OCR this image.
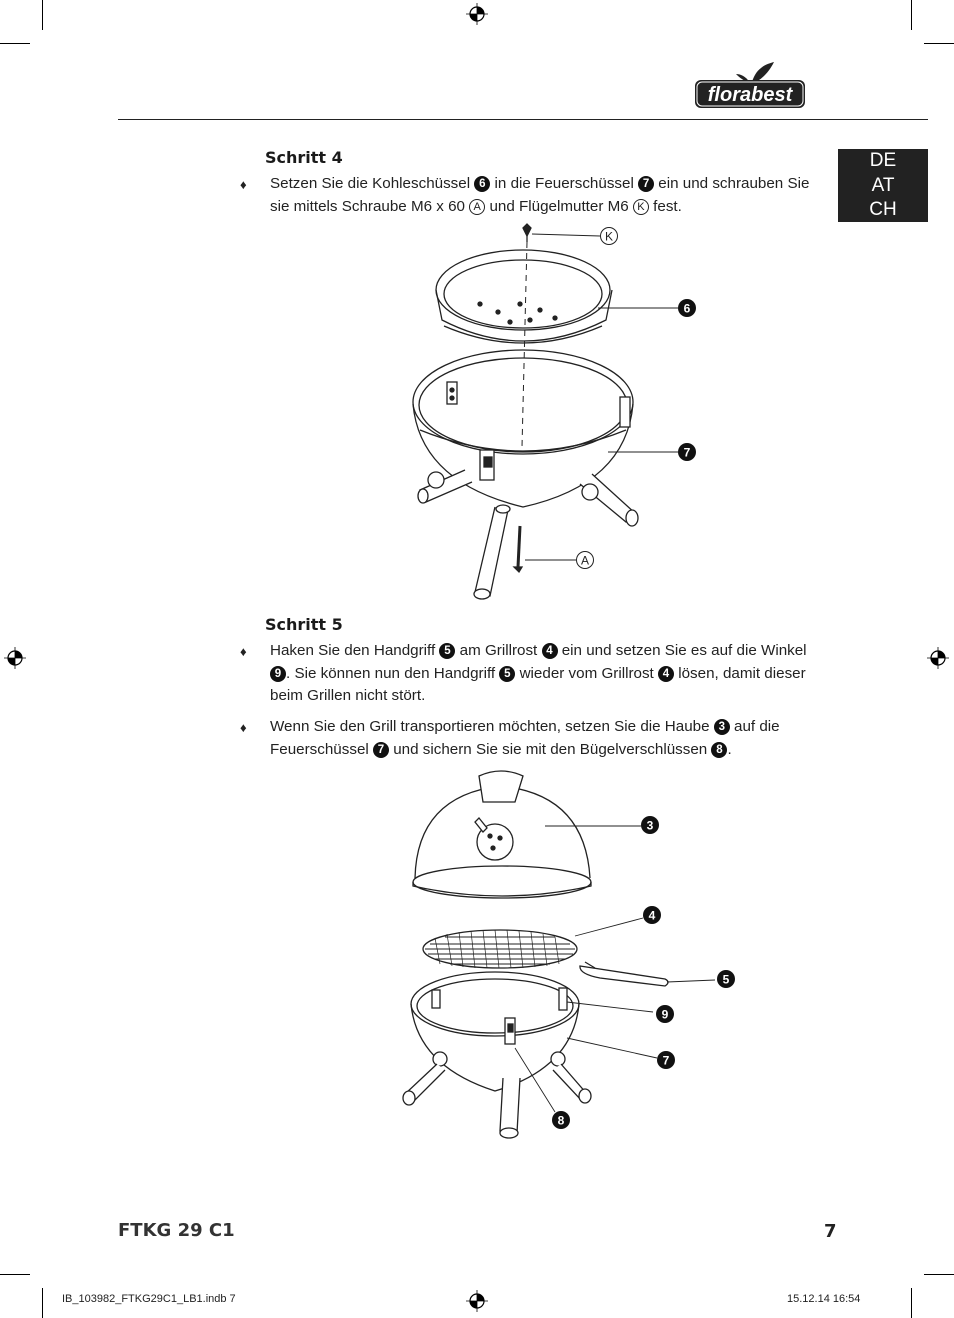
florabest
DE
AT
CH
Schritt 4
♦ Setzen Sie die Kohleschüssel 6 in die Feuerschüssel 7 ein und schrauben Sie sie mittels Schraube M6 x 60 A und Flügelmutter M6 K fest.
K
6
7
A
Schritt 5
♦ Haken Sie den Handgriff 5 am Grillrost 4 ein und setzen Sie es auf die Winkel 9 . Sie können nun den Handgriff 5 wieder vom Grillrost 4 lösen, damit dieser beim Grillen nicht stört.
♦ Wenn Sie den Grill transportieren möchten, setzen Sie die Haube 3 auf die Feuerschüssel 7 und sichern Sie sie mit den Bügelverschlüssen 8 .
3
4
5
9
7
8
FTKG 29 C1	7
IB_103982_FTKG29C1_LB1.indb 7	15.12.14 16:54
